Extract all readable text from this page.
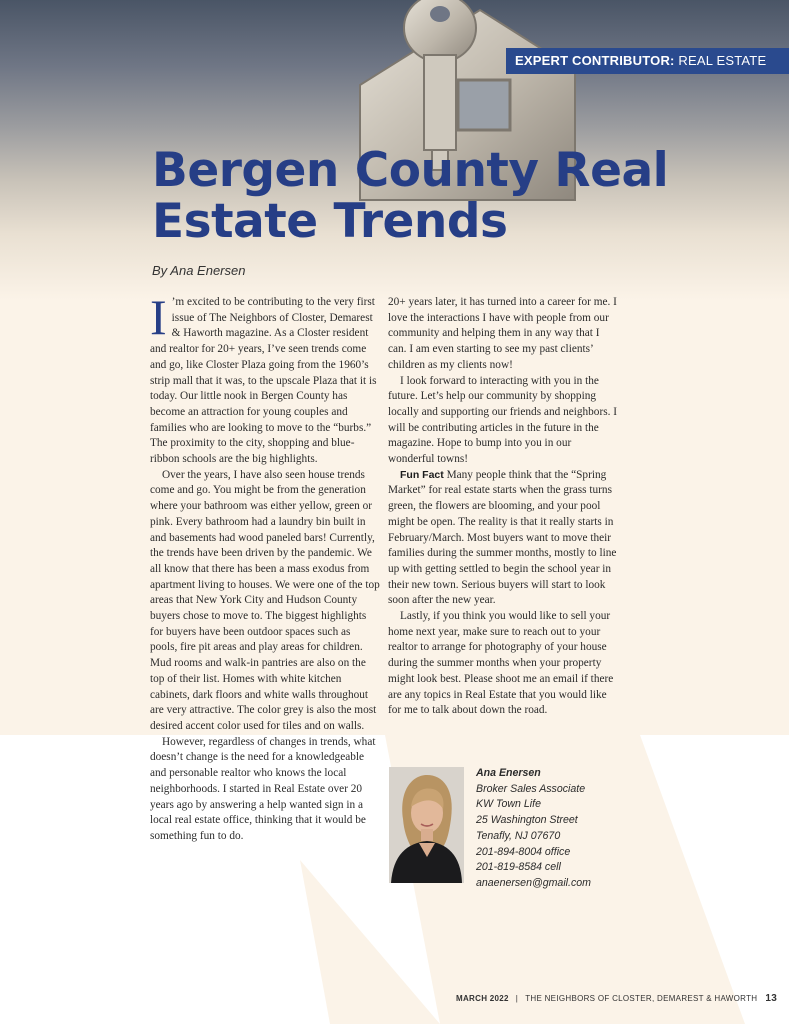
EXPERT CONTRIBUTOR: REAL ESTATE
Bergen County Real Estate Trends
By Ana Enersen

I ’m excited to be contributing to the very first issue of The Neighbors of Closter, Demarest & Haworth magazine. As a Closter resident and realtor for 20+ years, I’ve seen trends come and go, like Closter Plaza going from the 1960’s strip mall that it was, to the upscale Plaza that it is today. Our little nook in Bergen County has become an attraction for young couples and families who are looking to move to the “burbs.” The proximity to the city, shopping and blue-ribbon schools are the big highlights.

Over the years, I have also seen house trends come and go. You might be from the generation where your bathroom was either yellow, green or pink. Every bathroom had a laundry bin built in and basements had wood paneled bars! Currently, the trends have been driven by the pandemic. We all know that there has been a mass exodus from apartment living to houses. We were one of the top areas that New York City and Hudson County buyers chose to move to. The biggest highlights for buyers have been outdoor spaces such as pools, fire pit areas and play areas for children. Mud rooms and walk-in pantries are also on the top of their list. Homes with white kitchen cabinets, dark floors and white walls throughout are very attractive. The color grey is also the most desired accent color used for tiles and on walls.

However, regardless of changes in trends, what doesn’t change is the need for a knowledgeable and personable realtor who knows the local neighborhoods. I started in Real Estate over 20 years ago by answering a help wanted sign in a local real estate office, thinking that it would be something fun to do.

20+ years later, it has turned into a career for me. I love the interactions I have with people from our community and helping them in any way that I can. I am even starting to see my past clients’ children as my clients now!

I look forward to interacting with you in the future. Let’s help our community by shopping locally and supporting our friends and neighbors. I will be contributing articles in the future in the magazine. Hope to bump into you in our wonderful towns!

Fun Fact Many people think that the “Spring Market” for real estate starts when the grass turns green, the flowers are blooming, and your pool might be open. The reality is that it really starts in February/March. Most buyers want to move their families during the summer months, mostly to line up with getting settled to begin the school year in their new town. Serious buyers will start to look soon after the new year.

Lastly, if you think you would like to sell your home next year, make sure to reach out to your realtor to arrange for photography of your house during the summer months when your property might look best. Please shoot me an email if there are any topics in Real Estate that you would like for me to talk about down the road.

Ana Enersen
Broker Sales Associate
KW Town Life
25 Washington Street
Tenafly, NJ 07670
201-894-8004 office
201-819-8584 cell
anaenersen@gmail.com
MARCH 2022 | THE NEIGHBORS OF CLOSTER, DEMAREST & HAWORTH 13
